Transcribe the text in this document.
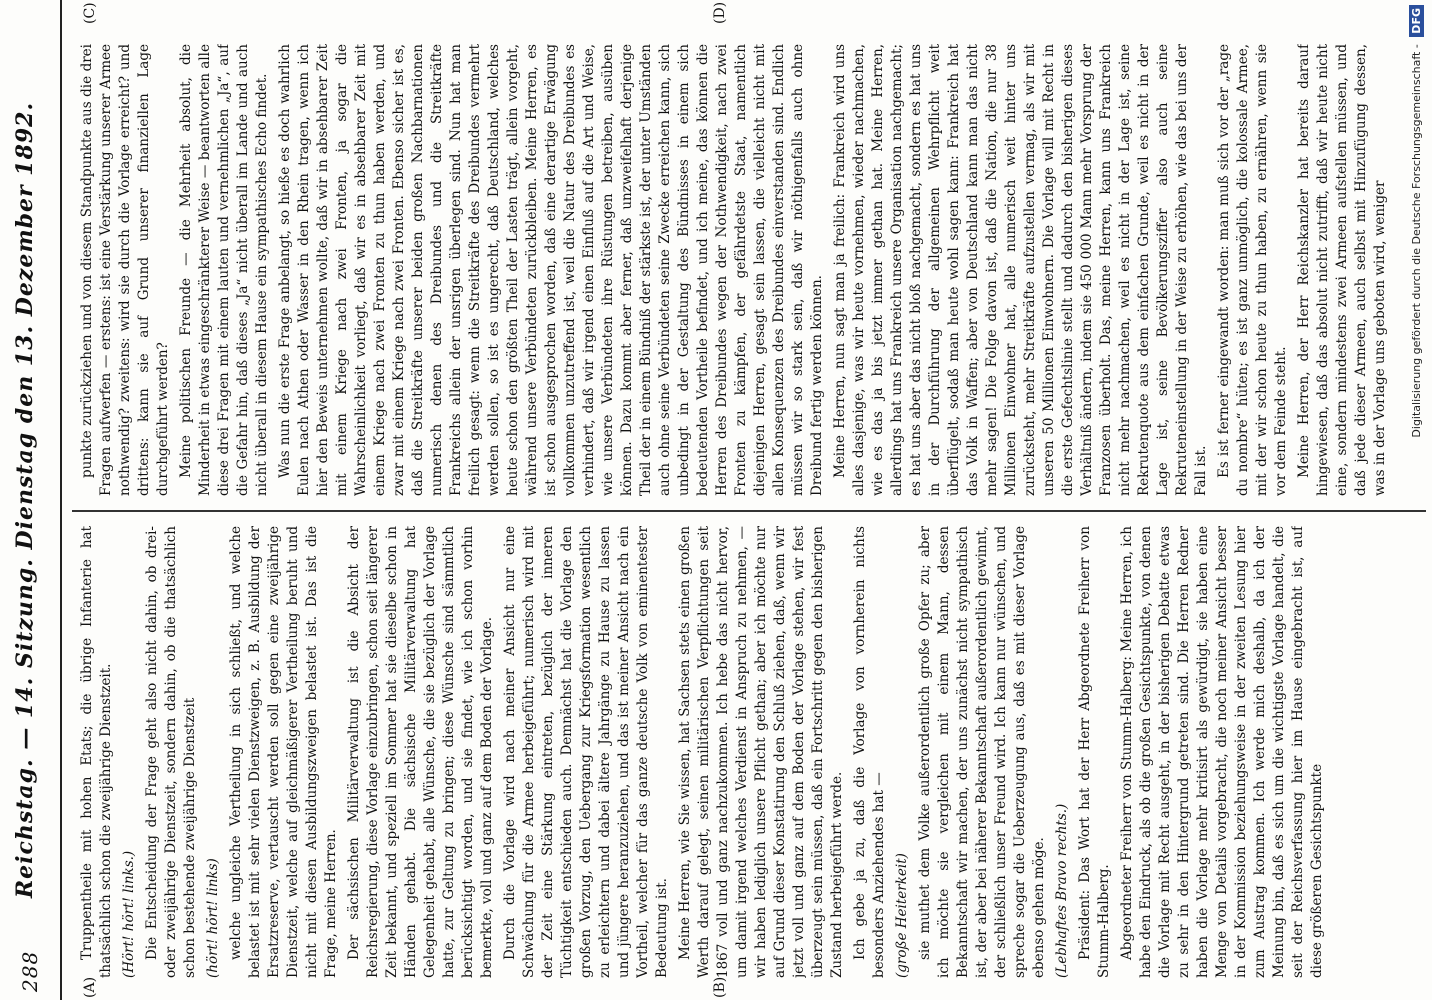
288
Reichstag. — 14. Sitzung. Dienstag den 13. Dezember 1892.
(A)	(B)
(C)	(D)

Truppentheile mit hohen Etats; die übrige Infanterie hat thatsächlich schon die zweijährige Dienstzeit. (Hört! hört! links.) Die Entscheidung der Frage geht also nicht dahin, ob drei- oder zweijährige Dienstzeit, sondern dahin, ob die thatsächlich schon bestehende zweijährige Dienstzeit (hört! hört! links) welche ungleiche Vertheilung in sich schließt, und welche belastet ist mit sehr vielen Dienstzweigen, z. B. Ausbildung der Ersatzreserve, vertauscht werden soll gegen eine zweijährige Dienstzeit, welche auf gleichmäßigerer Vertheilung beruht und nicht mit diesen Ausbildungszweigen belastet ist. Das ist die Frage, meine Herren. Der sächsischen Militärverwaltung ist die Absicht der Reichsregierung, diese Vorlage einzubringen, schon seit längerer Zeit bekannt, und speziell im Sommer hat sie dieselbe schon in Händen gehabt. Die sächsische Militärverwaltung hat Gelegenheit gehabt, alle Wünsche, die sie bezüglich der Vorlage hatte, zur Geltung zu bringen; diese Wünsche sind sämmtlich berücksichtigt worden, und sie findet, wie ich schon vorhin bemerkte, voll und ganz auf dem Boden der Vorlage. Durch die Vorlage wird nach meiner Ansicht nur eine Schwächung für die Armee herbeigeführt; numerisch wird mit der Zeit eine Stärkung eintreten, bezüglich der inneren Tüchtigkeit entschieden auch. Demnächst hat die Vorlage den großen Vorzug, den Uebergang zur Kriegsformation wesentlich zu erleichtern und dabei ältere Jahrgänge zu Hause zu lassen und jüngere heranzuziehen, und das ist meiner Ansicht nach ein Vortheil, welcher für das ganze deutsche Volk von eminentester Bedeutung ist. Meine Herren, wie Sie wissen, hat Sachsen stets einen großen Werth darauf gelegt, seinen militärischen Verpflichtungen seit 1867 voll und ganz nachzukommen. Ich hebe das nicht hervor, um damit irgend welches Verdienst in Anspruch zu nehmen, — wir haben lediglich unsere Pflicht gethan; aber ich möchte nur auf Grund dieser Konstatirung den Schluß ziehen, daß, wenn wir jetzt voll und ganz auf dem Boden der Vorlage stehen, wir fest überzeugt sein müssen, daß ein Fortschritt gegen den bisherigen Zustand herbeigeführt werde. Ich gebe ja zu, daß die Vorlage von vornherein nichts besonders Anziehendes hat — (große Heiterkeit) sie muthet dem Volke außerordentlich große Opfer zu; aber ich möchte sie vergleichen mit einem Mann, dessen Bekanntschaft wir machen, der uns zunächst nicht sympathisch ist, der aber bei näherer Bekanntschaft außerordentlich gewinnt, der schließlich unser Freund wird. Ich kann nur wünschen, und spreche sogar die Ueberzeugung aus, daß es mit dieser Vorlage ebenso gehen möge. (Lebhaftes Bravo rechts.) Präsident: Das Wort hat der Herr Abgeordnete Freiherr von Stumm-Halberg. Abgeordneter Freiherr von Stumm-Halberg: Meine Herren, ich habe den Eindruck, als ob die großen Gesichtspunkte, von denen die Vorlage mit Recht ausgeht, in der bisherigen Debatte etwas zu sehr in den Hintergrund getreten sind. Die Herren Redner haben die Vorlage mehr kritisirt als gewürdigt, sie haben eine Menge von Details vorgebracht, die noch meiner Ansicht besser in der Kommission beziehungsweise in der zweiten Lesung hier zum Austrag kommen. Ich werde mich deshalb, da ich der Meinung bin, daß es sich um die wichtigste Vorlage handelt, die seit der Reichsverfassung hier im Hause eingebracht ist, auf diese größeren Gesichtspunkte

punkte zurückziehen und von diesem Standpunkte aus die drei Fragen aufwerfen — erstens: ist eine Verstärkung unserer Armee nothwendig? zweitens: wird sie durch die Vorlage erreicht? und drittens: kann sie auf Grund unserer finanziellen Lage durchgeführt werden? Meine politischen Freunde — die Mehrheit absolut, die Minderheit in etwas eingeschränkterer Weise — beantworten alle diese drei Fragen mit einem lauten und vernehmlichen „Ja“, auf die Gefahr hin, daß dieses „Ja“ nicht überall im Lande und auch nicht überall in diesem Hause ein sympathisches Echo findet. Was nun die erste Frage anbelangt, so hieße es doch wahrlich Eulen nach Athen oder Wasser in den Rhein tragen, wenn ich hier den Beweis unternehmen wollte, daß wir in absehbarer Zeit mit einem Kriege nach zwei Fronten, ja sogar die Wahrscheinlichkeit vorliegt, daß wir es in absehbarer Zeit mit einem Kriege nach zwei Fronten zu thun haben werden, und zwar mit einem Kriege nach zwei Fronten. Ebenso sicher ist es, daß die Streitkräfte unserer beiden großen Nachbarnationen numerisch denen des Dreibundes und die Streitkräfte Frankreichs allein der unsrigen überlegen sind. Nun hat man freilich gesagt: wenn die Streitkräfte des Dreibundes vermehrt werden sollen, so ist es ungerecht, daß Deutschland, welches heute schon den größten Theil der Lasten trägt, allein vorgeht, während unsere Verbündeten zurückbleiben. Meine Herren, es ist schon ausgesprochen worden, daß eine derartige Erwägung vollkommen unzutreffend ist, weil die Natur des Dreibundes es verhindert, daß wir irgend einen Einfluß auf die Art und Weise, wie unsere Verbündeten ihre Rüstungen betreiben, ausüben können. Dazu kommt aber ferner, daß unzweifelhaft derjenige Theil der in einem Bündniß der stärkste ist, der unter Umständen auch ohne seine Verbündeten seine Zwecke erreichen kann, sich unbedingt in der Gestaltung des Bündnisses in einem sich bedeutenden Vortheile befindet, und ich meine, das können die Herren des Dreibundes wegen der Nothwendigkeit, nach zwei Fronten zu kämpfen, der gefährdetste Staat, namentlich diejenigen Herren, gesagt sein lassen, die vielleicht nicht mit allen Konsequenzen des Dreibundes einverstanden sind. Endlich müssen wir so stark sein, daß wir nöthigenfalls auch ohne Dreibund fertig werden können. Meine Herren, nun sagt man ja freilich: Frankreich wird uns alles dasjenige, was wir heute vornehmen, wieder nachmachen, wie es das ja bis jetzt immer gethan hat. Meine Herren, allerdings hat uns Frankreich unsere Organisation nachgemacht; es hat uns aber das nicht bloß nachgemacht, sondern es hat uns in der Durchführung der allgemeinen Wehrpflicht weit überflügelt, sodaß man heute wohl sagen kann: Frankreich hat das Volk in Waffen; aber von Deutschland kann man das nicht mehr sagen! Die Folge davon ist, daß die Nation, die nur 38 Millionen Einwohner hat, alle numerisch weit hinter uns zurücksteht, mehr Streitkräfte aufzustellen vermag, als wir mit unseren 50 Millionen Einwohnern. Die Vorlage will mit Recht in die erste Gefechtslinie stellt und dadurch den bisherigen dieses Verhältniß ändern, indem sie 450 000 Mann mehr Vorsprung der Franzosen überholt. Das, meine Herren, kann uns Frankreich nicht mehr nachmachen, weil es nicht in der Lage ist, seine Rekrutenquote aus dem einfachen Grunde, weil es nicht in der Lage ist, seine Bevölkerungsziffer also auch seine Rekruteneinstellung in der Weise zu erhöhen, wie das bei uns der Fall ist. Es ist ferner eingewandt worden: man muß sich vor der „rage du nombre“ hüten; es ist ganz unmöglich, die kolossale Armee, mit der wir schon heute zu thun haben, zu ernähren, wenn sie vor dem Feinde steht. Meine Herren, der Herr Reichskanzler hat bereits darauf hingewiesen, daß das absolut nicht zutrifft, daß wir heute nicht eine, sondern mindestens zwei Armeen aufstellen müssen, und daß jede dieser Armeen, auch selbst mit Hinzufügung dessen, was in der Vorlage uns geboten wird, weniger	Digitalisierung gefördert durch die Deutsche Forschungsgemeinschaft - DFG
